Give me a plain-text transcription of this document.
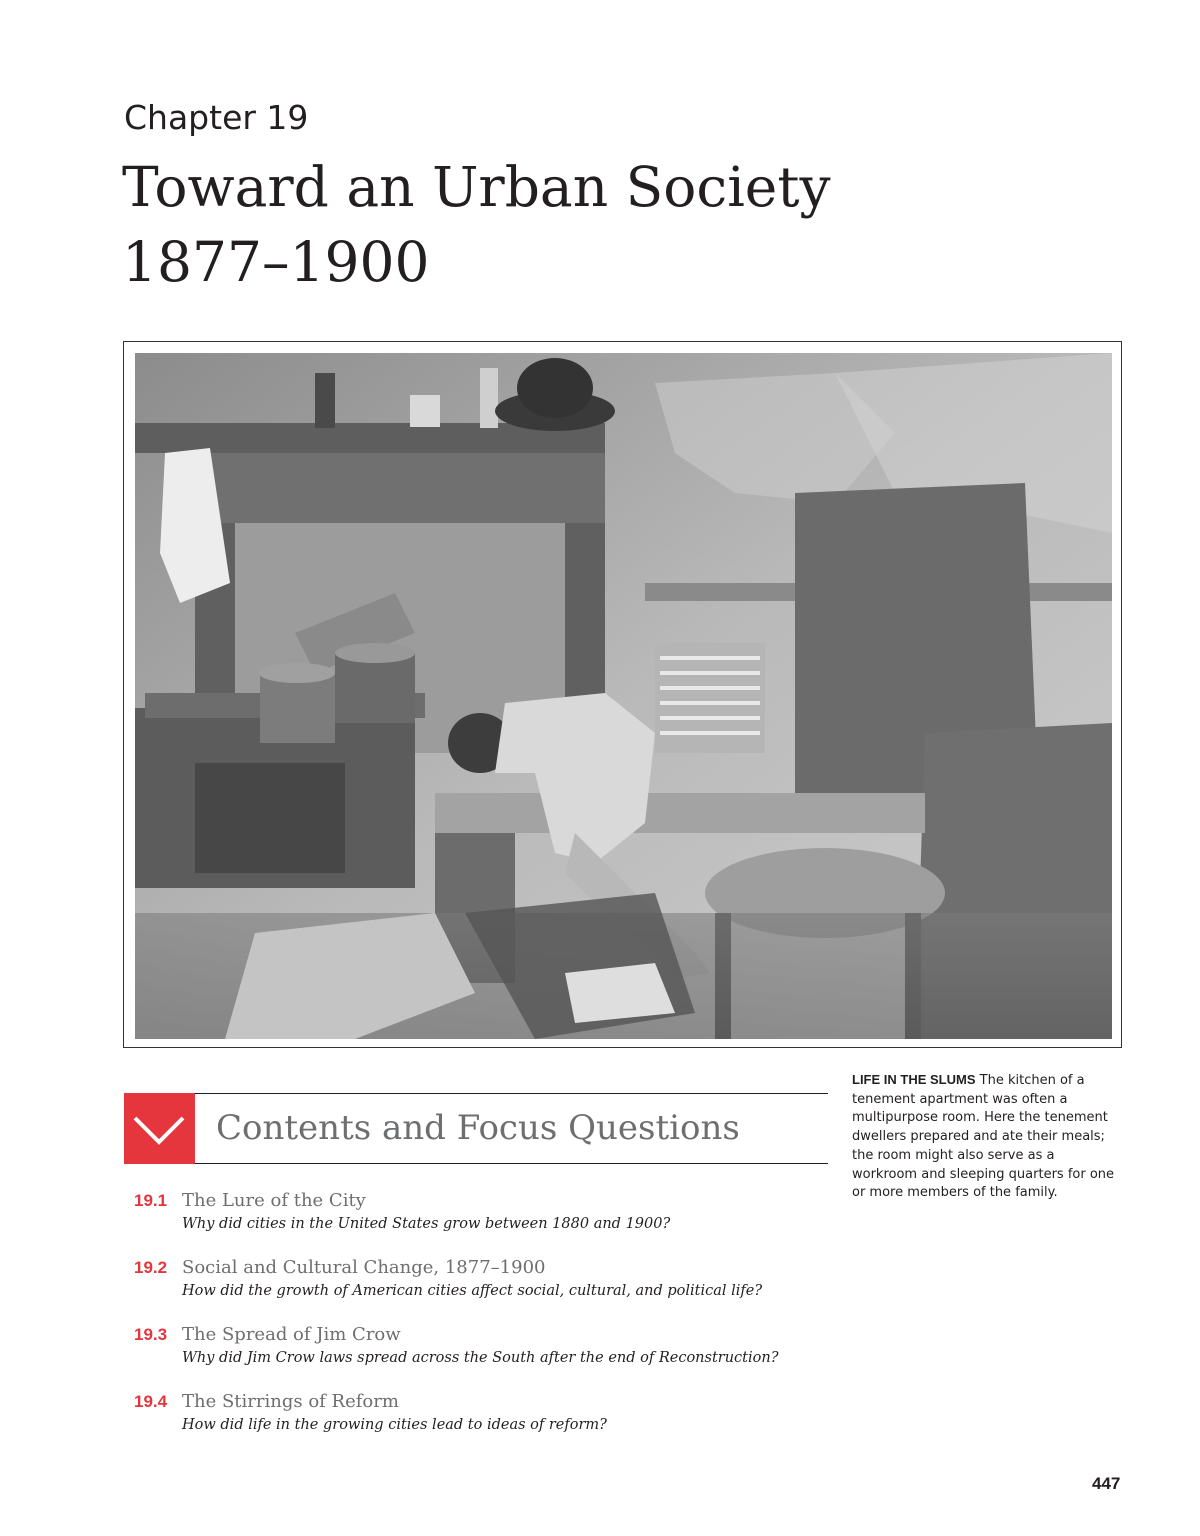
Chapter 19
Toward an Urban Society
1877–1900
Contents and Focus Questions
19.1 The Lure of the City
Why did cities in the United States grow between 1880 and 1900?
19.2 Social and Cultural Change, 1877–1900
How did the growth of American cities affect social, cultural, and political life?
19.3 The Spread of Jim Crow
Why did Jim Crow laws spread across the South after the end of Reconstruction?
19.4 The Stirrings of Reform
How did life in the growing cities lead to ideas of reform?
LIFE IN THE SLUMS The kitchen of a tenement apartment was often a multipurpose room. Here the tenement dwellers prepared and ate their meals; the room might also serve as a workroom and sleeping quarters for one or more members of the family.
447
